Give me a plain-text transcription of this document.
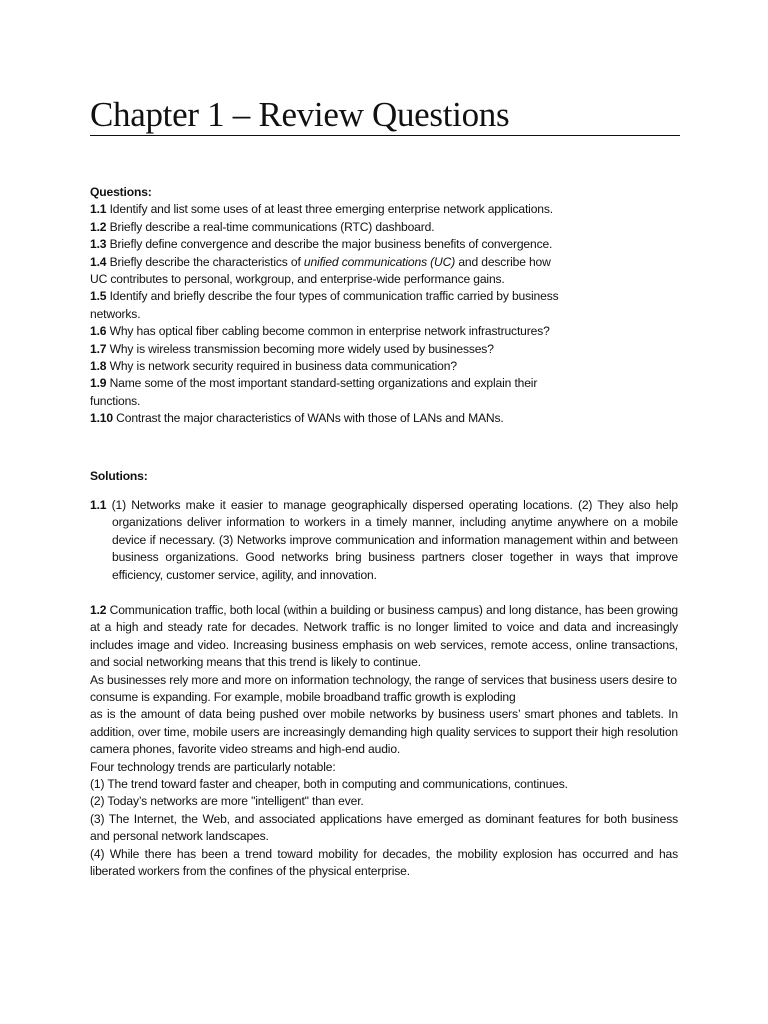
Chapter 1 – Review Questions

Questions:

1.1 Identify and list some uses of at least three emerging enterprise network applications.

1.2 Briefly describe a real-time communications (RTC) dashboard.

1.3 Briefly define convergence and describe the major business benefits of convergence.

1.4 Briefly describe the characteristics of unified communications (UC) and describe how

UC contributes to personal, workgroup, and enterprise-wide performance gains.

1.5 Identify and briefly describe the four types of communication traffic carried by business

networks.

1.6 Why has optical fiber cabling become common in enterprise network infrastructures?

1.7 Why is wireless transmission becoming more widely used by businesses?

1.8 Why is network security required in business data communication?

1.9 Name some of the most important standard-setting organizations and explain their

functions.

1.10 Contrast the major characteristics of WANs with those of LANs and MANs.

Solutions:

1.1 (1) Networks make it easier to manage geographically dispersed operating locations. (2) They also help organizations deliver information to workers in a timely manner, including anytime anywhere on a mobile device if necessary. (3) Networks improve communication and information management within and between business organizations. Good networks bring business partners closer together in ways that improve efficiency, customer service, agility, and innovation.

1.2 Communication traffic, both local (within a building or business campus) and long distance, has been growing at a high and steady rate for decades. Network traffic is no longer limited to voice and data and increasingly includes image and video. Increasing business emphasis on web services, remote access, online transactions, and social networking means that this trend is likely to continue.

As businesses rely more and more on information technology, the range of services that business users desire to consume is expanding. For example, mobile broadband traffic growth is exploding

as is the amount of data being pushed over mobile networks by business users’ smart phones and tablets. In addition, over time, mobile users are increasingly demanding high quality services to support their high resolution camera phones, favorite video streams and high-end audio.

Four technology trends are particularly notable:

(1) The trend toward faster and cheaper, both in computing and communications, continues.

(2) Today’s networks are more "intelligent" than ever.

(3) The Internet, the Web, and associated applications have emerged as dominant features for both business and personal network landscapes.

(4) While there has been a trend toward mobility for decades, the mobility explosion has occurred and has liberated workers from the confines of the physical enterprise.
